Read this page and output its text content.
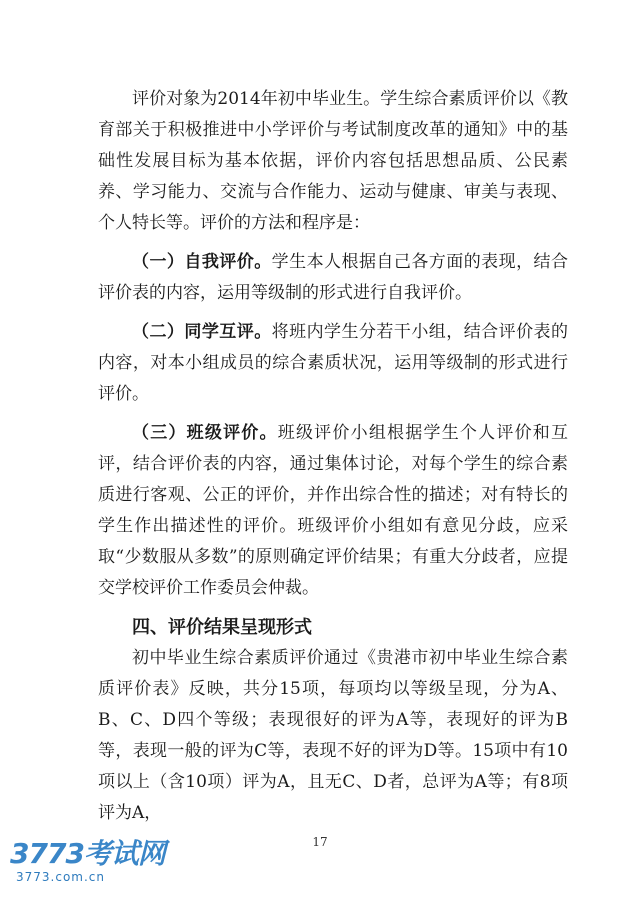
评价对象为2014年初中毕业生。学生综合素质评价以《教育部关于积极推进中小学评价与考试制度改革的通知》中的基础性发展目标为基本依据，评价内容包括思想品质、公民素养、学习能力、交流与合作能力、运动与健康、审美与表现、个人特长等。评价的方法和程序是：

（一）自我评价。学生本人根据自己各方面的表现，结合评价表的内容，运用等级制的形式进行自我评价。

（二）同学互评。将班内学生分若干小组，结合评价表的内容，对本小组成员的综合素质状况，运用等级制的形式进行评价。

（三）班级评价。班级评价小组根据学生个人评价和互评，结合评价表的内容，通过集体讨论，对每个学生的综合素质进行客观、公正的评价，并作出综合性的描述；对有特长的学生作出描述性的评价。班级评价小组如有意见分歧，应采取“少数服从多数”的原则确定评价结果；有重大分歧者，应提交学校评价工作委员会仲裁。

四、评价结果呈现形式

初中毕业生综合素质评价通过《贵港市初中毕业生综合素质评价表》反映，共分15项，每项均以等级呈现，分为A、B、C、D四个等级；表现很好的评为A等，表现好的评为B等，表现一般的评为C等，表现不好的评为D等。15项中有10项以上（含10项）评为A，且无C、D者，总评为A等；有8项评为A，

17
3773考试网
3773.com.cn
